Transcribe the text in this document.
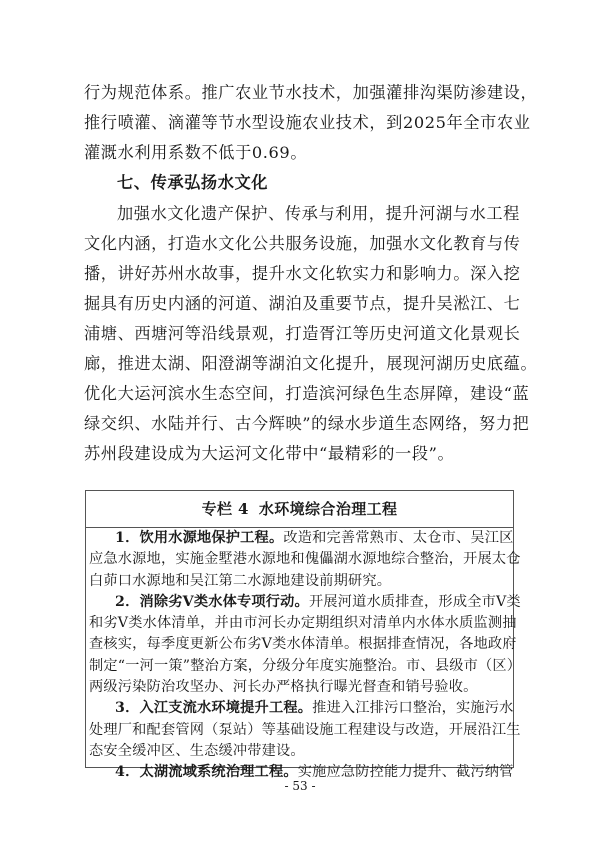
行为规范体系。推广农业节水技术，加强灌排沟渠防渗建设，
推行喷灌、滴灌等节水型设施农业技术，到2025年全市农业
灌溉水利用系数不低于0.69。
七、传承弘扬水文化
加强水文化遗产保护、传承与利用，提升河湖与水工程
文化内涵，打造水文化公共服务设施，加强水文化教育与传
播，讲好苏州水故事，提升水文化软实力和影响力。深入挖
掘具有历史内涵的河道、湖泊及重要节点，提升吴淞江、七
浦塘、西塘河等沿线景观，打造胥江等历史河道文化景观长
廊，推进太湖、阳澄湖等湖泊文化提升，展现河湖历史底蕴。
优化大运河滨水生态空间，打造滨河绿色生态屏障，建设“蓝
绿交织、水陆并行、古今辉映”的绿水步道生态网络，努力把
苏州段建设成为大运河文化带中“最精彩的一段”。
专栏 4 水环境综合治理工程
1．饮用水源地保护工程。改造和完善常熟市、太仓市、吴江区
应急水源地，实施金墅港水源地和傀儡湖水源地综合整治，开展太仓
白茆口水源地和吴江第二水源地建设前期研究。
2．消除劣V类水体专项行动。开展河道水质排查，形成全市V类
和劣V类水体清单，并由市河长办定期组织对清单内水体水质监测抽
查核实，每季度更新公布劣V类水体清单。根据排查情况，各地政府
制定“一河一策”整治方案，分级分年度实施整治。市、县级市（区）
两级污染防治攻坚办、河长办严格执行曝光督查和销号验收。
3．入江支流水环境提升工程。推进入江排污口整治，实施污水
处理厂和配套管网（泵站）等基础设施工程建设与改造，开展沿江生
态安全缓冲区、生态缓冲带建设。
4．太湖流域系统治理工程。实施应急防控能力提升、截污纳管
- 53 -
